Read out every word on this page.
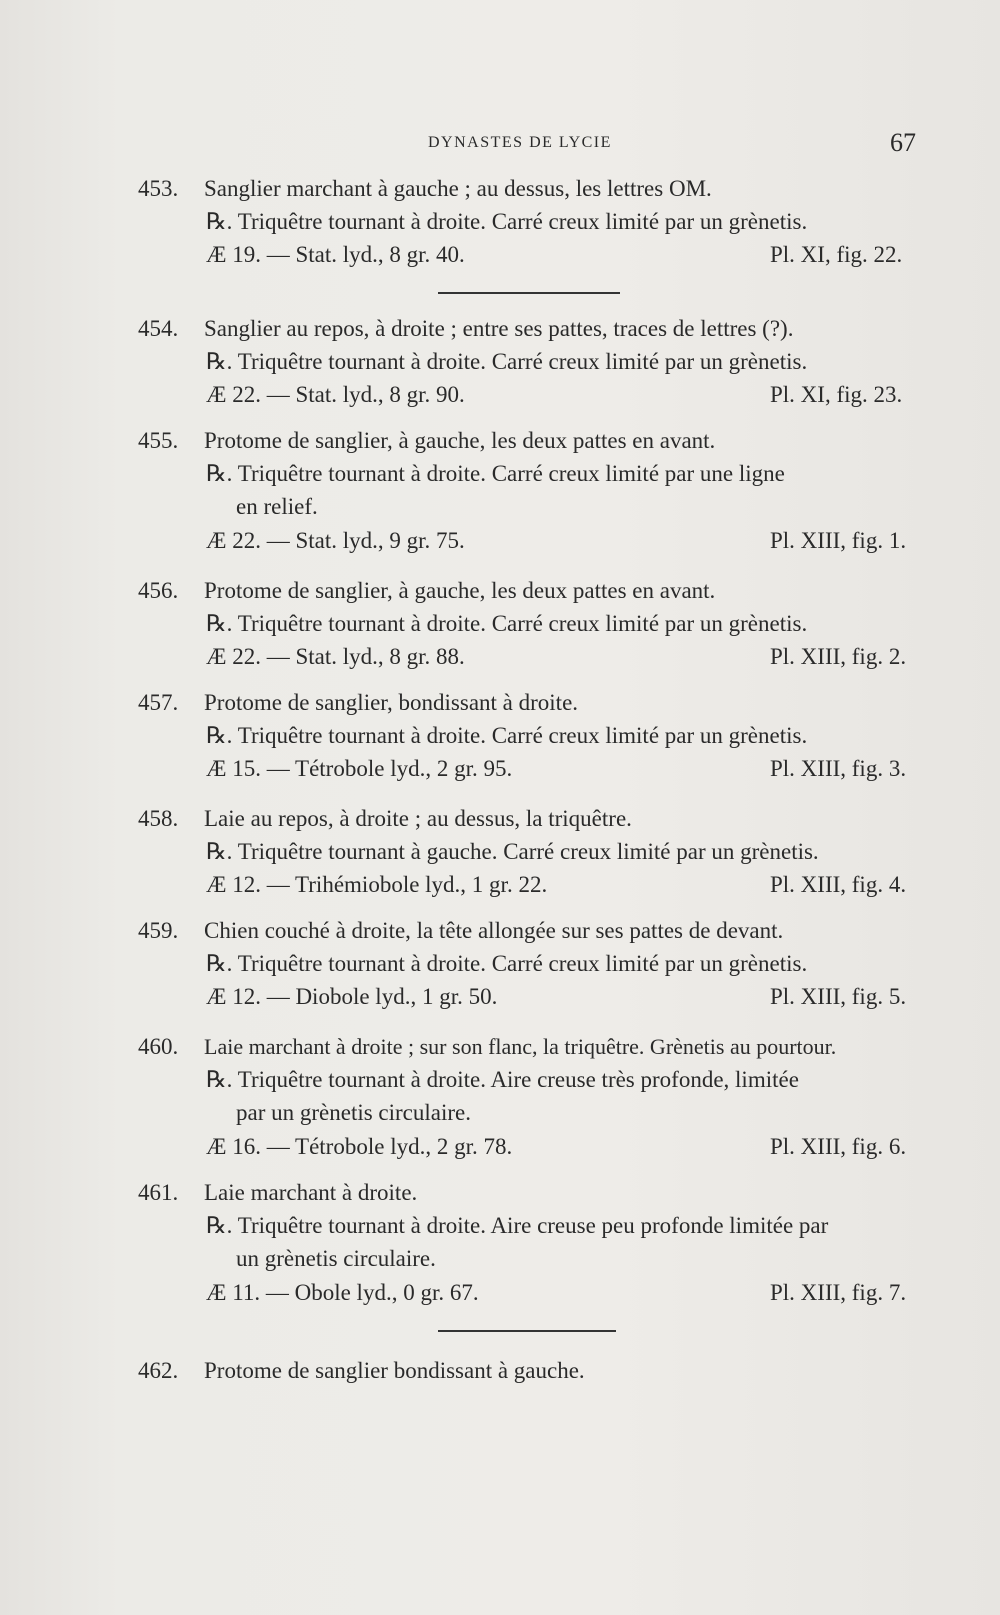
DYNASTES DE LYCIE	67
453. Sanglier marchant à gauche ; au dessus, les lettres OM.
℞. Triquêtre tournant à droite. Carré creux limité par un grènetis.
Æ 19. — Stat. lyd., 8 gr. 40.	Pl. XI, fig. 22.
454. Sanglier au repos, à droite ; entre ses pattes, traces de lettres (?).
℞. Triquêtre tournant à droite. Carré creux limité par un grènetis.
Æ 22. — Stat. lyd., 8 gr. 90.	Pl. XI, fig. 23.
455. Protome de sanglier, à gauche, les deux pattes en avant.
℞. Triquêtre tournant à droite. Carré creux limité par une ligne
en relief.
Æ 22. — Stat. lyd., 9 gr. 75.	Pl. XIII, fig. 1.
456. Protome de sanglier, à gauche, les deux pattes en avant.
℞. Triquêtre tournant à droite. Carré creux limité par un grènetis.
Æ 22. — Stat. lyd., 8 gr. 88.	Pl. XIII, fig. 2.
457. Protome de sanglier, bondissant à droite.
℞. Triquêtre tournant à droite. Carré creux limité par un grènetis.
Æ 15. — Tétrobole lyd., 2 gr. 95.	Pl. XIII, fig. 3.
458. Laie au repos, à droite ; au dessus, la triquêtre.
℞. Triquêtre tournant à gauche. Carré creux limité par un grènetis.
Æ 12. — Trihémiobole lyd., 1 gr. 22.	Pl. XIII, fig. 4.
459. Chien couché à droite, la tête allongée sur ses pattes de devant.
℞. Triquêtre tournant à droite. Carré creux limité par un grènetis.
Æ 12. — Diobole lyd., 1 gr. 50.	Pl. XIII, fig. 5.
460. Laie marchant à droite ; sur son flanc, la triquêtre. Grènetis au pourtour.
℞. Triquêtre tournant à droite. Aire creuse très profonde, limitée
par un grènetis circulaire.
Æ 16. — Tétrobole lyd., 2 gr. 78.	Pl. XIII, fig. 6.
461. Laie marchant à droite.
℞. Triquêtre tournant à droite. Aire creuse peu profonde limitée par
un grènetis circulaire.
Æ 11. — Obole lyd., 0 gr. 67.	Pl. XIII, fig. 7.
462. Protome de sanglier bondissant à gauche.
